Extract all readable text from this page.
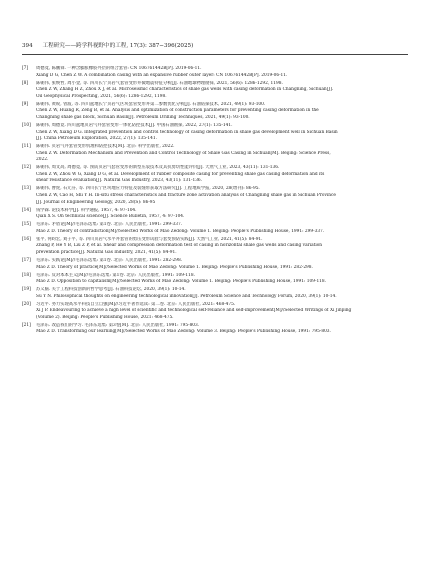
394 工程研究——跨学科视野中的工程, 17(3): 387−396(2025)
[7]	周德竟, 陈鹏锋. 一种含膨胀橡胶外层的组合套管: CN 106761442B[P]. 2019-06-11.
Xiang D G, Chen Z W. A combination casing with an expansive rubber outer layer: CN 106761442B[P]. 2019-06-11.
[8]	陈朝伟, 张焕哲, 周小金, 等. 四川长宁页岩气套管变形井微地震特征分析[J]. 石油地球物理勘探, 2021, 56(6): 1286-1292, 1198.
Chen Z W, Zhang H Z, Zhou X J, et al. Microseismic characteristics of shale gas wells with casing deformation in Changning, Sichuan[J].
Oil Geophysical Prospecting, 2021, 56(6): 1286-1292, 1198.
[9]	陈朝伟, 黄锐, 曾波, 等. 四川盆地长宁页岩气区块套管变形井第二参数优化分析[J]. 石油钻探技术, 2021, 49(1): 93-100.
Chen Z W, Huang R, Zeng B, et al. Analysis and optimization of construction parameters for preventing casing deformation in the
Changning shale gas block, Sichuan Basin[J]. Petroleum Drilling Techniques, 2021, 49(1): 93-100.
[10]	陈朝伟, 周德竟. 四川盆地页岩气井套管变形一体化防控技术[J]. 中国石油勘探, 2022, 27(1): 135-141.
Chen Z W, Xiang D G. Integrated prevention and control technology of casing deformation in shale gas development well in Sichuan Basin
[J]. China Petroleum Exploration, 2022, 27(1): 135-141.
[11]	陈朝伟. 页岩气井套管变形机理和防控技术[M]. 北京: 科学出版社, 2022.
Chen Z W. Deformation Mechanism and Prevention and Control Technology of Shale Gas Casing in Sichuan[M]. Beijing: Science Press,
2022.
[12]	陈朝伟, 周文高, 周德竟, 等. 预防页岩气套管变形的新型压裂技术及其抗剪切性能评价[J]. 天然气工业, 2023, 43(11): 131-136.
Chen Z W, Zhou W G, Xiang D G, et al. Development of rubber composite casing for preventing shale gas casing deformation and its
shear resistance evaluation[J]. Natural Gas Industry, 2023, 43(11): 131-136.
[13]	陈朝伟, 曹虎, 石元芬, 等. 四川长宁区块地应力特征及裂缝带获取方法研究[J]. 工程地质学报, 2020, 28(增刊): 86-95.
Chen Z W, Cao H, Shi Y H. In-situ stress characteristics and fracture zone activation analysis of Changning shale gas in Sichuan Province
[J]. Journal of Engineering Geology, 2020, 28(S): 86-95
[14]	钱学森. 论技术科学[J]. 科学通报, 1957, 4: 97-104.
Qian X S. On technical science[J]. Science Bulletin, 1957, 4: 97-104.
[15]	毛泽东. 矛盾论[M]//毛泽东选集: 第1卷. 北京: 人民出版社, 1991: 299-337.
Mao Z D. Theory of contradiction[M]//Selected Works of Mao Zedong: Volume 1. Beijing: People's Publishing House, 1991: 299-337.
[16]	张平, 何昀宏, 刘子平, 等. 四川页岩气水平井套管的剪压变形试验与套变预防实践[J]. 天然气工业, 2021, 41(5): 84-91.
Zhang P, He Y B, Liu Z P, et al. Shear and compression deformation test of casing in horizontal shale gas wells and casing variation
prevention practice[J]. Natural Gas Industry, 2021, 41(5): 84-91.
[17]	毛泽东. 实践论[M]//毛泽东选集: 第1卷. 北京: 人民出版社, 1991: 282-298.
Mao Z D. Theory of practice[M]//Selected Works of Mao Zedong: Volume 1. Beijing: People's Publishing House, 1991: 282-298.
[18]	毛泽东. 反对本本主义[M]//毛泽东选集: 第1卷. 北京: 人民出版社, 1991: 109-118.
Mao Z D. Opposition to capitalism[M]//Selected Works of Mao Zedong: Volume 1. Beijing: People's Publishing House, 1991: 109-118.
[19]	苏义脑. 关于工程科技创新的哲学思考[J]. 石油科技论坛, 2020, 39(1): 10-14.
Su Y N. Philosophical thoughts on engineering technological innovation[J]. Petroleum Science and Technology Forum, 2020, 39(1): 10-14.
[20]	习近平. 努力实现高水平科技自立自强[M]//习近平著作选读: 第二卷. 北京: 人民出版社, 2021: 468-475.
Xi J P. Endeavouring to achieve a high level of scientific and technological self-reliance and self-improvement[M]//Selected Writings of Xi Jinping
(Volume 2). Beijing: People's Publishing House, 2021: 468-475.
[21]	毛泽东. 改造我们的学习. 毛泽东选集: 第3卷[M]. 北京: 人民出版社, 1991: 795-803.
Mao Z D. Transforming our learning[M]//Selected Works of Mao Zedong: Volume 3. Beijing: People's Publishing House, 1991: 795-803.
